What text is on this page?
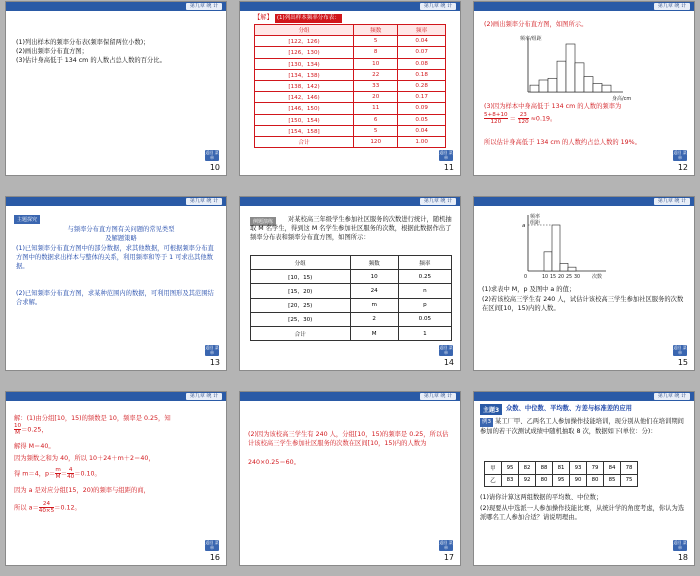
第九章 统 计
(1)列出样本的频率分布表(频率保留两位小数)；
(2)画出频率分布直方图；
(3)估计身高低于 134 cm 的人数占总人数的百分比。
返回 菜单
10
第九章 统 计
【解】 (1)列出样本频率分布表：
分组	频数	频率
[122，126)	5	0.04
[126，130)	8	0.07
[130，134)	10	0.08
[134，138)	22	0.18
[138，142)	33	0.28
[142，146)	20	0.17
[146，150)	11	0.09
[150，154)	6	0.05
[154，158]	5	0.04
合计	120	1.00
返回 菜单
11
第九章 统 计
(2)画出频率分布直方图，如图所示。
频率/组距
身高/cm
(3)因为样本中身高低于 134 cm 的人数的频率为
$\frac{5+8+10}{120} = \frac{23}{120} \approx 0.19$。
所以估计身高低于 134 cm 的人数约占总人数的 19%。
返回 菜单
12
第九章 统 计
主题探究
与频率分布直方图有关问题的常见类型
及解题策略
(1)已知频率分布直方图中的部分数据，求其他数据，可根据频率分布直方图中的数据求出样本与整体的关系，利用频率和等于 1 可求出其他数据。
(2)已知频率分布直方图，求某种范围内的数据，可利用图形及其范围结合求解。
返回 菜单
13
第九章 统 计
例题演练	对某校高三年级学生参加社区服务的次数进行统计，随机抽取 M 名学生，得到这 M 名学生参加社区服务的次数，根据此数据作出了频率分布表和频率分布直方图，如图所示：
分组	频数	频率
[10，15)	10	0.25
[15，20)	24	n
[20，25)	m	p
[25，30)	2	0.05
合计	M	1
返回 菜单
14
第九章 统 计
a
频率
组距
0	10 15 20 25 30 次数
(1)求表中 M，p 及图中 a 的值；
(2)若该校高三学生有 240 人，试估计该校高三学生参加社区服务的次数在区间[10，15)内的人数。
返回 菜单
15
第九章 统 计
解：(1)由分组[10，15)的频数是 10，频率是 0.25，知
$\frac{10}{M} =0.25$，
解得 M＝40。
因为频数之和为 40，所以 10＋24＋m＋2＝40，
得 m＝4，$p= \frac{m}{M} = \frac{4}{40} =0.10$。
因为 a 是对应分组[15，20)的频率与组距的商，
所以 $a= \frac{24}{40\times 5} =0.12$。
返回 菜单
16
第九章 统 计
(2)因为该校高三学生有 240 人，分组[10，15)的频率是 0.25，所以估计该校高三学生参加社区服务的次数在区间[10，15)内的人数为
240×0.25＝60。
返回 菜单
17
第九章 统 计
主题3	众数、中位数、平均数、方差与标准差的应用
例3 某工厂甲、乙两名工人参加操作技能培训，现分别从他们在培训期间参加的若干次测试成绩中随机抽取 8 次，数据如下(单位：分)：
甲	95	82	88	81	93	79	84	78
乙	83	92	80	95	90	80	85	75
(1)请你计算这两组数据的平均数、中位数；
(2)现要从中选派一人参加操作技能比赛，从统计学的角度考虑，你认为选派哪名工人参加合适？请说明理由。
返回 菜单
18
